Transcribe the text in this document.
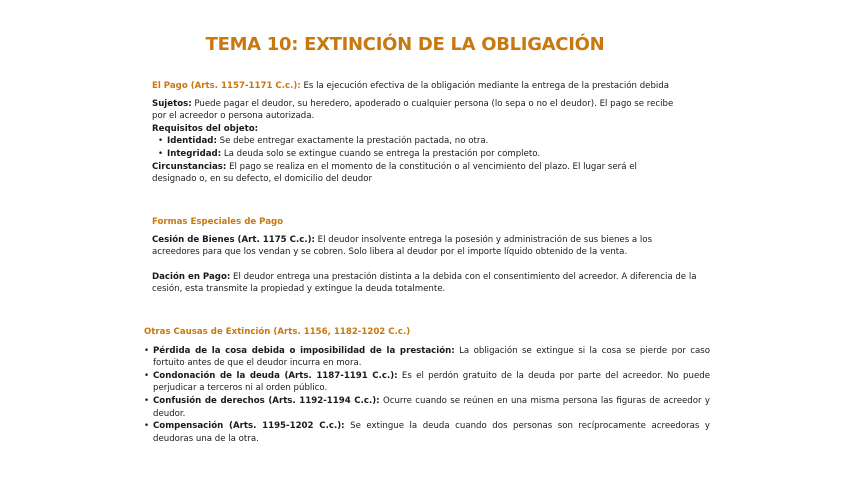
TEMA 10: EXTINCIÓN DE LA OBLIGACIÓN
El Pago (Arts. 1157-1171 C.c.): Es la ejecución efectiva de la obligación mediante la entrega de la prestación debida
Sujetos: Puede pagar el deudor, su heredero, apoderado o cualquier persona (lo sepa o no el deudor). El pago se recibe por el acreedor o persona autorizada.
Requisitos del objeto:
• Identidad: Se debe entregar exactamente la prestación pactada, no otra.
• Integridad: La deuda solo se extingue cuando se entrega la prestación por completo.
Circunstancias: El pago se realiza en el momento de la constitución o al vencimiento del plazo. El lugar será el designado o, en su defecto, el domicilio del deudor
Formas Especiales de Pago
Cesión de Bienes (Art. 1175 C.c.): El deudor insolvente entrega la posesión y administración de sus bienes a los acreedores para que los vendan y se cobren. Solo libera al deudor por el importe líquido obtenido de la venta.
Dación en Pago: El deudor entrega una prestación distinta a la debida con el consentimiento del acreedor. A diferencia de la cesión, esta transmite la propiedad y extingue la deuda totalmente.
Otras Causas de Extinción (Arts. 1156, 1182-1202 C.c.)
• Pérdida de la cosa debida o imposibilidad de la prestación: La obligación se extingue si la cosa se pierde por caso fortuito antes de que el deudor incurra en mora.
• Condonación de la deuda (Arts. 1187-1191 C.c.): Es el perdón gratuito de la deuda por parte del acreedor. No puede perjudicar a terceros ni al orden público.
• Confusión de derechos (Arts. 1192-1194 C.c.): Ocurre cuando se reúnen en una misma persona las figuras de acreedor y deudor.
• Compensación (Arts. 1195-1202 C.c.): Se extingue la deuda cuando dos personas son recíprocamente acreedoras y deudoras una de la otra.
